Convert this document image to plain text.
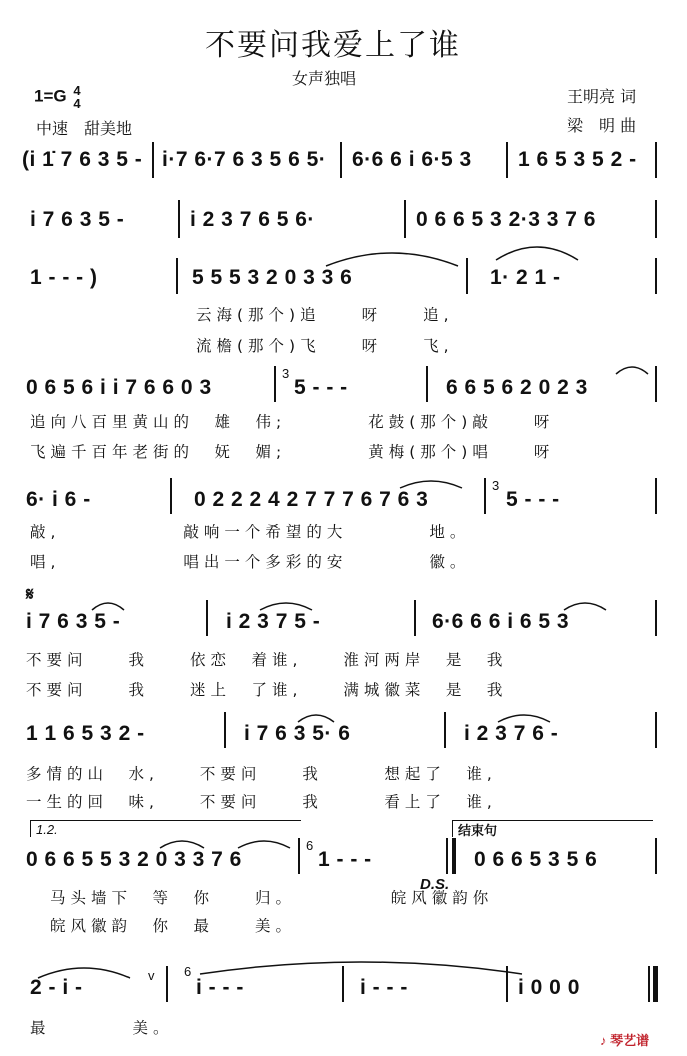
不要问我爱上了谁
女声独唱
1=G 4
4	王明亮 词
中速　甜美地	梁　明 曲
(i 1̇ 7 6 3 5 - i·7 6·7 6 3 5 6 5· 6·6 6 i 6·5 3 1 6 5 3 5 2 -
i 7 6 3 5 -	i 2 3 7 6 5 6·	0 6 6 5 3 2·3 3 7 6
1 - - - )	5 5 5 3 2 0 3 3 6	1· 2 1 -
云海(那个)追　　呀　　追,
流檐(那个)飞　　呀　　飞,
0 6 5 6 i i 7 6 6 0 3
3
5 - - -	6 6 5 6 2 0 2 3
追向八百里黄山的　雄　伟;　　　　花鼓(那个)敲　　呀
飞遍千百年老街的　妩　媚;　　　　黄梅(那个)唱　　呀
6· i 6 -	0 2 2 2 4 2 7 7 7 6 7 6 3
3
5 - - -
敲,　　　　　　敲响一个希望的大　　　　地。
唱,　　　　　　唱出一个多彩的安　　　　徽。
𝄋
i 7 6 3 5 -	i 2 3 7 5 -	6·6 6 6 i 6 5 3
不要问　　我　　依恋　着谁,　　淮河两岸　是　我
不要问　　我　　迷上　了谁,　　满城徽菜　是　我
1 1 6 5 3 2 -	i 7 6 3 5· 6	i 2 3 7 6 -
多情的山　水,　　不要问　　我　　　想起了　谁,
一生的回　味,　　不要问　　我　　　看上了　谁,
1.2.	结束句
0 6 6 5 5 3 2 0 3 3 7 6
6
1 - - -	0 6 6 5 3 5 6
D.S.
马头墙下　等　你　　归。　　　　　皖风徽韵你
皖风徽韵　你　最　　美。
2 - i -
v 6
i - - -	i - - -	i 0 0 0
最　　　　美。
♪ 琴艺谱
